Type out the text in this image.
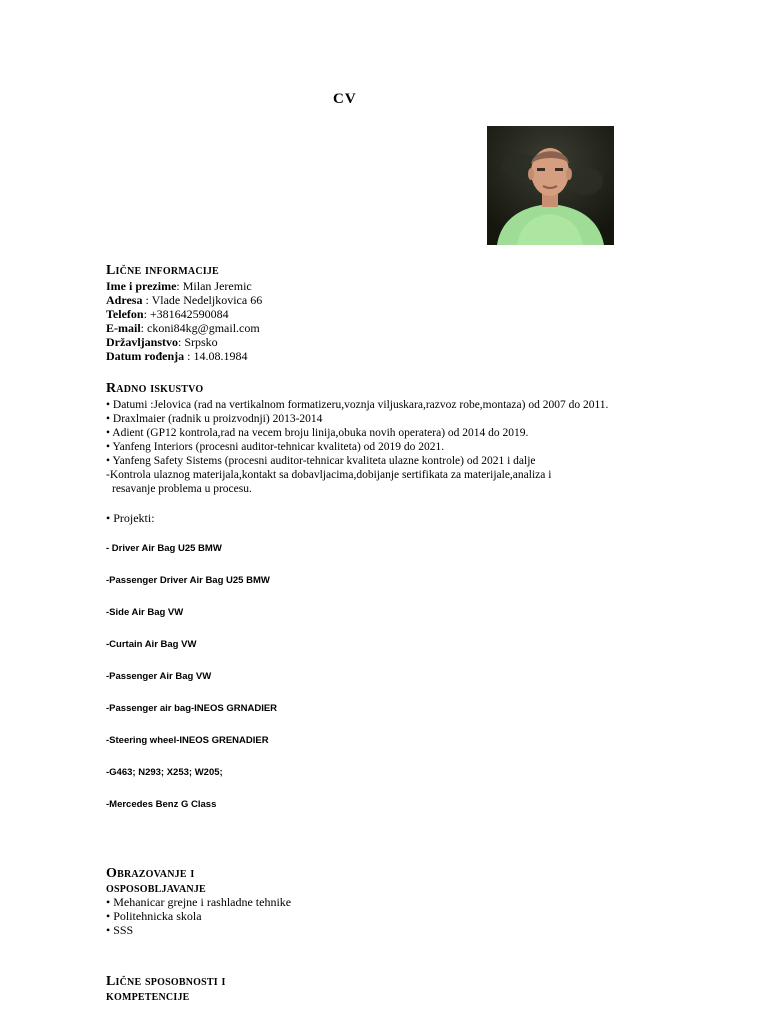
CV
Lične informacije
Ime i prezime: Milan Jeremic
Adresa : Vlade Nedeljkovica 66
Telefon: +381642590084
E-mail: ckoni84kg@gmail.com
Državljanstvo: Srpsko
Datum rođenja : 14.08.1984
Radno iskustvo
• Datumi :Jelovica (rad na vertikalnom formatizeru,voznja viljuskara,razvoz robe,montaza) od 2007 do 2011.
• Draxlmaier (radnik u proizvodnji) 2013-2014
• Adient (GP12 kontrola,rad na vecem broju linija,obuka novih operatera) od 2014 do 2019.
• Yanfeng Interiors (procesni auditor-tehnicar kvaliteta) od 2019 do 2021.
• Yanfeng Safety Sistems (procesni auditor-tehnicar kvaliteta ulazne kontrole) od 2021 i dalje
-Kontrola ulaznog materijala,kontakt sa dobavljacima,dobijanje sertifikata za materijale,analiza i
resavanje problema u procesu.
• Projekti:
- Driver Air Bag U25 BMW
-Passenger Driver Air Bag U25 BMW
-Side Air Bag VW
-Curtain Air Bag VW
-Passenger Air Bag VW
-Passenger air bag-INEOS GRNADIER
-Steering wheel-INEOS GRENADIER
-G463; N293; X253; W205;
-Mercedes Benz G Class
Obrazovanje i osposobljavanje
• Mehanicar grejne i rashladne tehnike
• Politehnicka skola
• SSS
Lične sposobnosti i kompetencije
